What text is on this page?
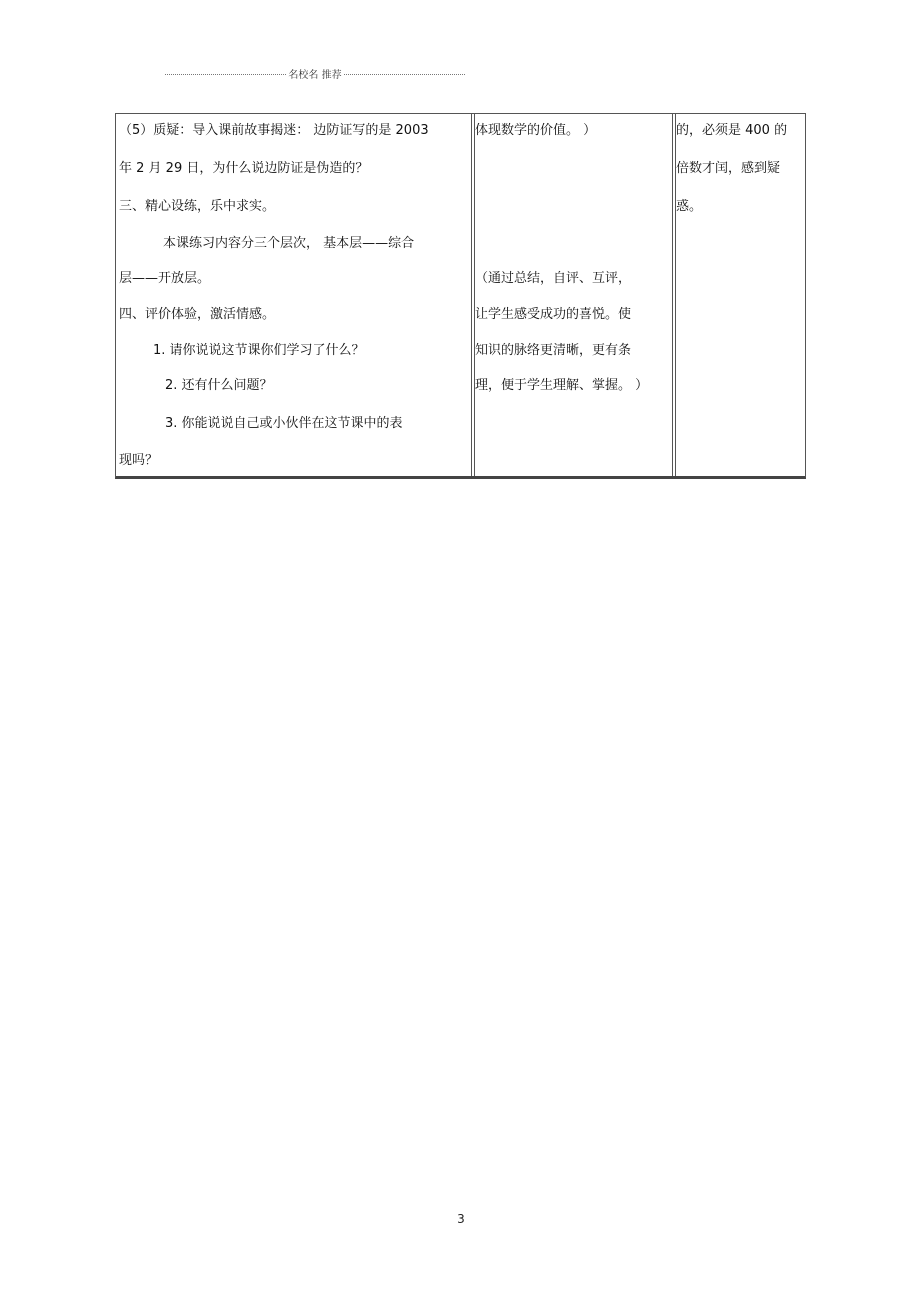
名校名 推荐
（5）质疑：导入课前故事揭迷： 边防证写的是 2003
年 2 月 29 日，为什么说边防证是伪造的？
三、精心设练，乐中求实。
本课练习内容分三个层次， 基本层——综合
层——开放层。
四、评价体验，激活情感。
1. 请你说说这节课你们学习了什么？
2. 还有什么问题？
3. 你能说说自己或小伙伴在这节课中的表
现吗？
体现数学的价值。 ）
（通过总结，自评、互评，
让学生感受成功的喜悦。使
知识的脉络更清晰，更有条
理，便于学生理解、掌握。 ）
的，必须是 400 的
倍数才闰，感到疑
惑。
3
